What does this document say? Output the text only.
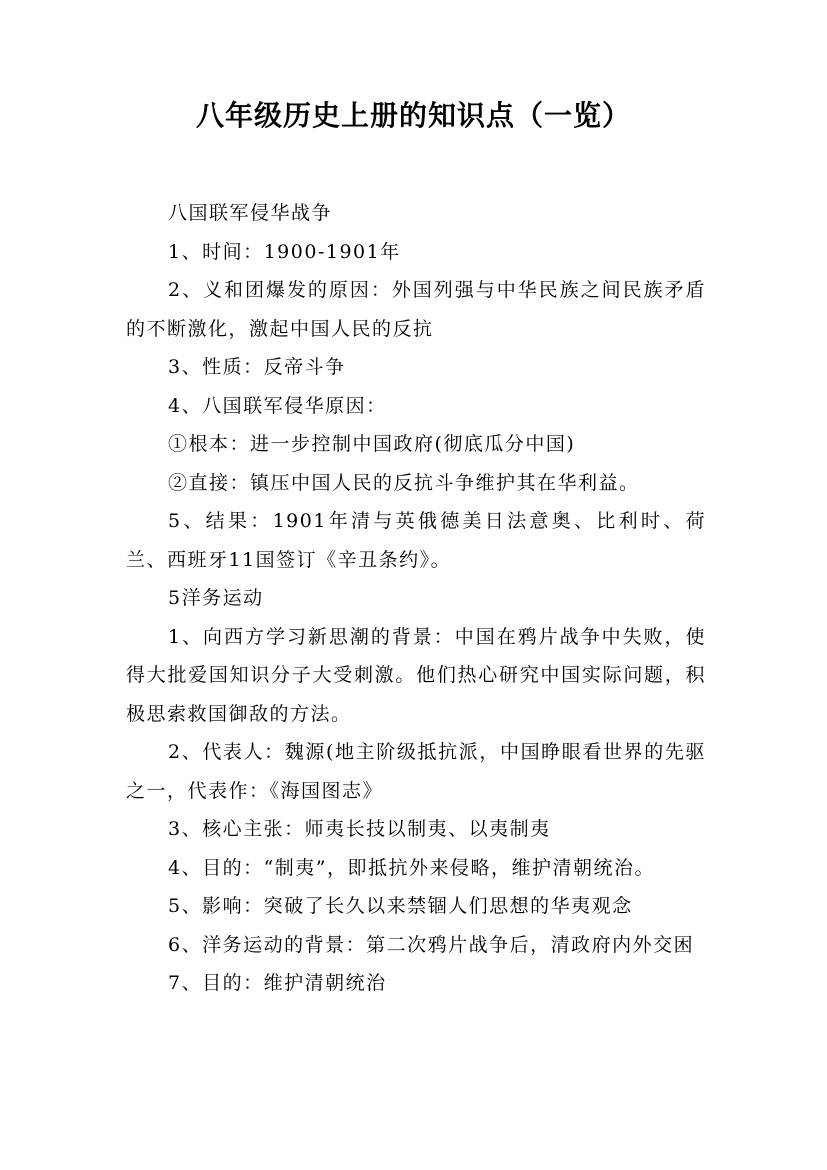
八年级历史上册的知识点（一览）

八国联军侵华战争

1、时间：1900-1901年

2、义和团爆发的原因：外国列强与中华民族之间民族矛盾的不断激化，激起中国人民的反抗

3、性质：反帝斗争

4、八国联军侵华原因：

①根本：进一步控制中国政府(彻底瓜分中国)

②直接：镇压中国人民的反抗斗争维护其在华利益。

5、结果：1901年清与英俄德美日法意奥、比利时、荷兰、西班牙11国签订《辛丑条约》。

5洋务运动

1、向西方学习新思潮的背景：中国在鸦片战争中失败，使得大批爱国知识分子大受刺激。他们热心研究中国实际问题，积极思索救国御敌的方法。

2、代表人：魏源(地主阶级抵抗派，中国睁眼看世界的先驱之一，代表作：《海国图志》

3、核心主张：师夷长技以制夷、以夷制夷

4、目的：“制夷”，即抵抗外来侵略，维护清朝统治。

5、影响：突破了长久以来禁锢人们思想的华夷观念

6、洋务运动的背景：第二次鸦片战争后，清政府内外交困

7、目的：维护清朝统治
